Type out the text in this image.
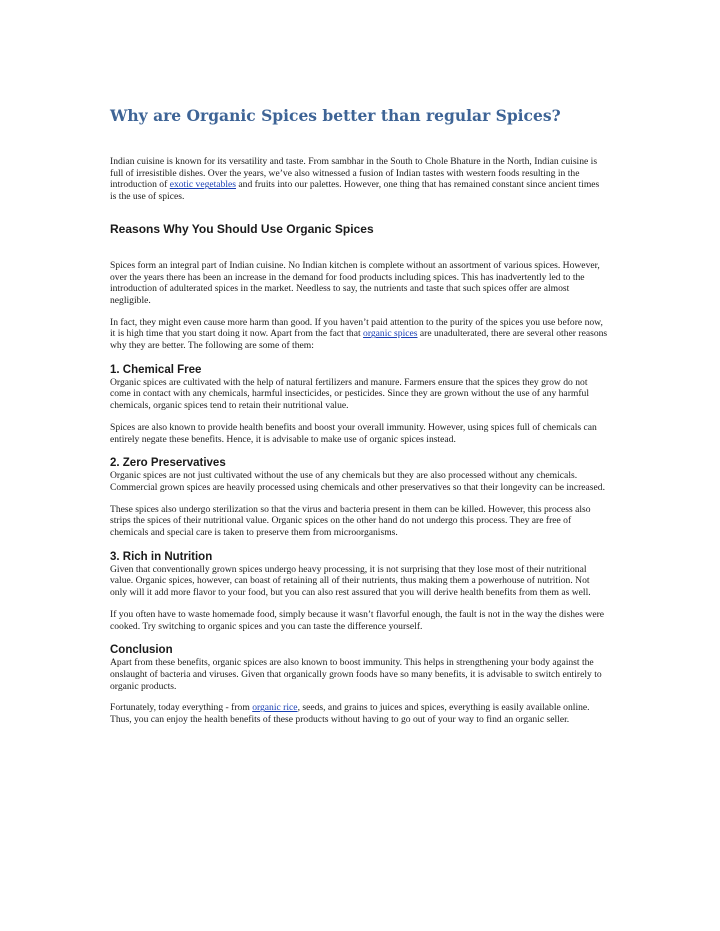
Why are Organic Spices better than regular Spices?

Indian cuisine is known for its versatility and taste. From sambhar in the South to Chole Bhature in the North, Indian cuisine is full of irresistible dishes. Over the years, we’ve also witnessed a fusion of Indian tastes with western foods resulting in the introduction of exotic vegetables and fruits into our palettes. However, one thing that has remained constant since ancient times is the use of spices.

Reasons Why You Should Use Organic Spices

Spices form an integral part of Indian cuisine. No Indian kitchen is complete without an assortment of various spices. However, over the years there has been an increase in the demand for food products including spices. This has inadvertently led to the introduction of adulterated spices in the market. Needless to say, the nutrients and taste that such spices offer are almost negligible.

In fact, they might even cause more harm than good. If you haven’t paid attention to the purity of the spices you use before now, it is high time that you start doing it now. Apart from the fact that organic spices are unadulterated, there are several other reasons why they are better. The following are some of them:

1. Chemical Free

Organic spices are cultivated with the help of natural fertilizers and manure. Farmers ensure that the spices they grow do not come in contact with any chemicals, harmful insecticides, or pesticides. Since they are grown without the use of any harmful chemicals, organic spices tend to retain their nutritional value.

Spices are also known to provide health benefits and boost your overall immunity. However, using spices full of chemicals can entirely negate these benefits. Hence, it is advisable to make use of organic spices instead.

2. Zero Preservatives

Organic spices are not just cultivated without the use of any chemicals but they are also processed without any chemicals. Commercial grown spices are heavily processed using chemicals and other preservatives so that their longevity can be increased.

These spices also undergo sterilization so that the virus and bacteria present in them can be killed. However, this process also strips the spices of their nutritional value. Organic spices on the other hand do not undergo this process. They are free of chemicals and special care is taken to preserve them from microorganisms.

3. Rich in Nutrition

Given that conventionally grown spices undergo heavy processing, it is not surprising that they lose most of their nutritional value. Organic spices, however, can boast of retaining all of their nutrients, thus making them a powerhouse of nutrition. Not only will it add more flavor to your food, but you can also rest assured that you will derive health benefits from them as well.

If you often have to waste homemade food, simply because it wasn’t flavorful enough, the fault is not in the way the dishes were cooked. Try switching to organic spices and you can taste the difference yourself.

Conclusion

Apart from these benefits, organic spices are also known to boost immunity. This helps in strengthening your body against the onslaught of bacteria and viruses. Given that organically grown foods have so many benefits, it is advisable to switch entirely to organic products.

Fortunately, today everything - from organic rice, seeds, and grains to juices and spices, everything is easily available online. Thus, you can enjoy the health benefits of these products without having to go out of your way to find an organic seller.
